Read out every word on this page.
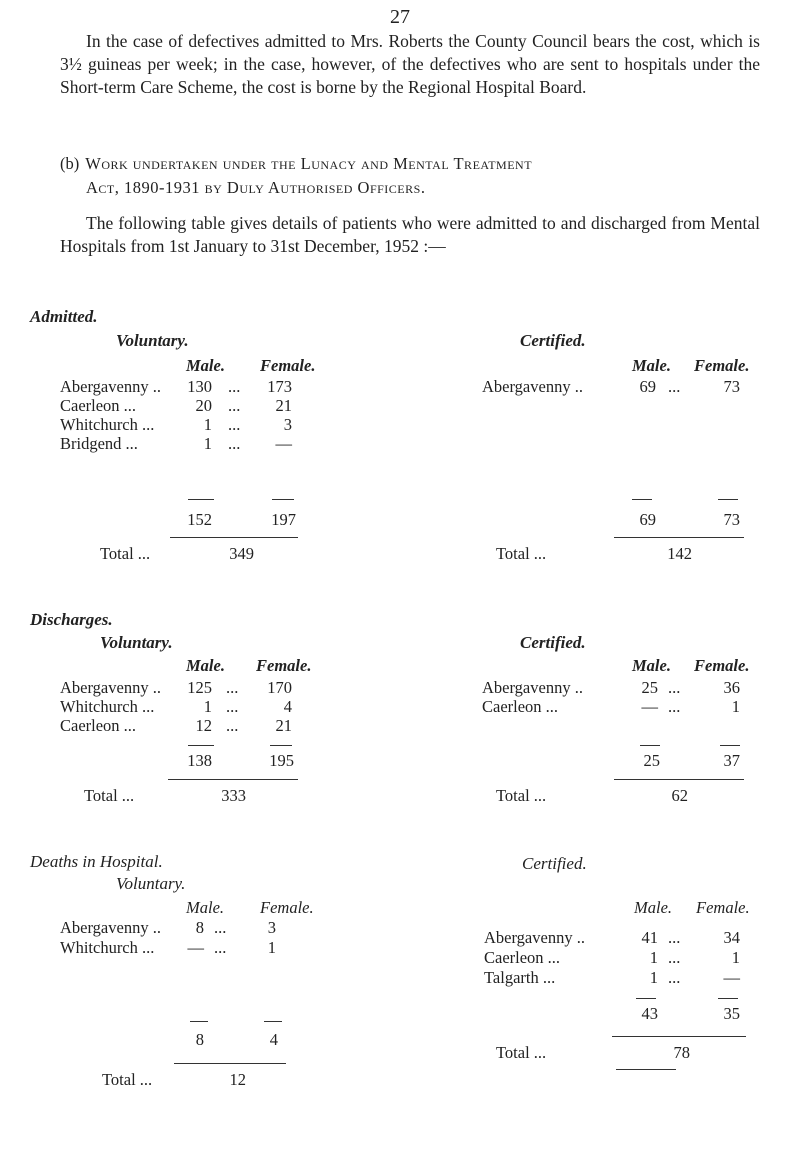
27
In the case of defectives admitted to Mrs. Roberts the County Council bears the cost, which is 3½ guineas per week; in the case, however, of the defectives who are sent to hospitals under the Short-term Care Scheme, the cost is borne by the Regional Hospital Board.
(b) Work undertaken under the Lunacy and Mental Treatment
Act, 1890-1931 by Duly Authorised Officers.
The following table gives details of patients who were admitted to and discharged from Mental Hospitals from 1st January to 31st December, 1952 :—
Admitted.
Voluntary.	Certified.
Male. Female.	Male. Female.
Abergavenny ..	130 ...	173
Caerleon ...	20 ...	21
Whitchurch ...	1 ...	3
Bridgend ...	1 ...	—
152	197
Total ...	349
Abergavenny ..	69 ...	73
69	73
Total ...	142
Discharges.
Voluntary.	Certified.
Male. Female.	Male. Female.
Abergavenny ..	125 ...	170
Whitchurch ...	1 ...	4
Caerleon ...	12 ...	21
138	195
Total ...	333
Abergavenny ..	25 ...	36
Caerleon ...	— ...	1
25	37
Total ...	62
Deaths in Hospital.
Voluntary.
Certified.
Male. Female.	Male. Female.
Abergavenny ..	8 ...	3
Whitchurch ...	— ...	1
8	4
Total ...	12
Abergavenny ..	41 ...	34
Caerleon ...	1 ...	1
Talgarth ...	1 ...	—
43	35
Total ...	78
